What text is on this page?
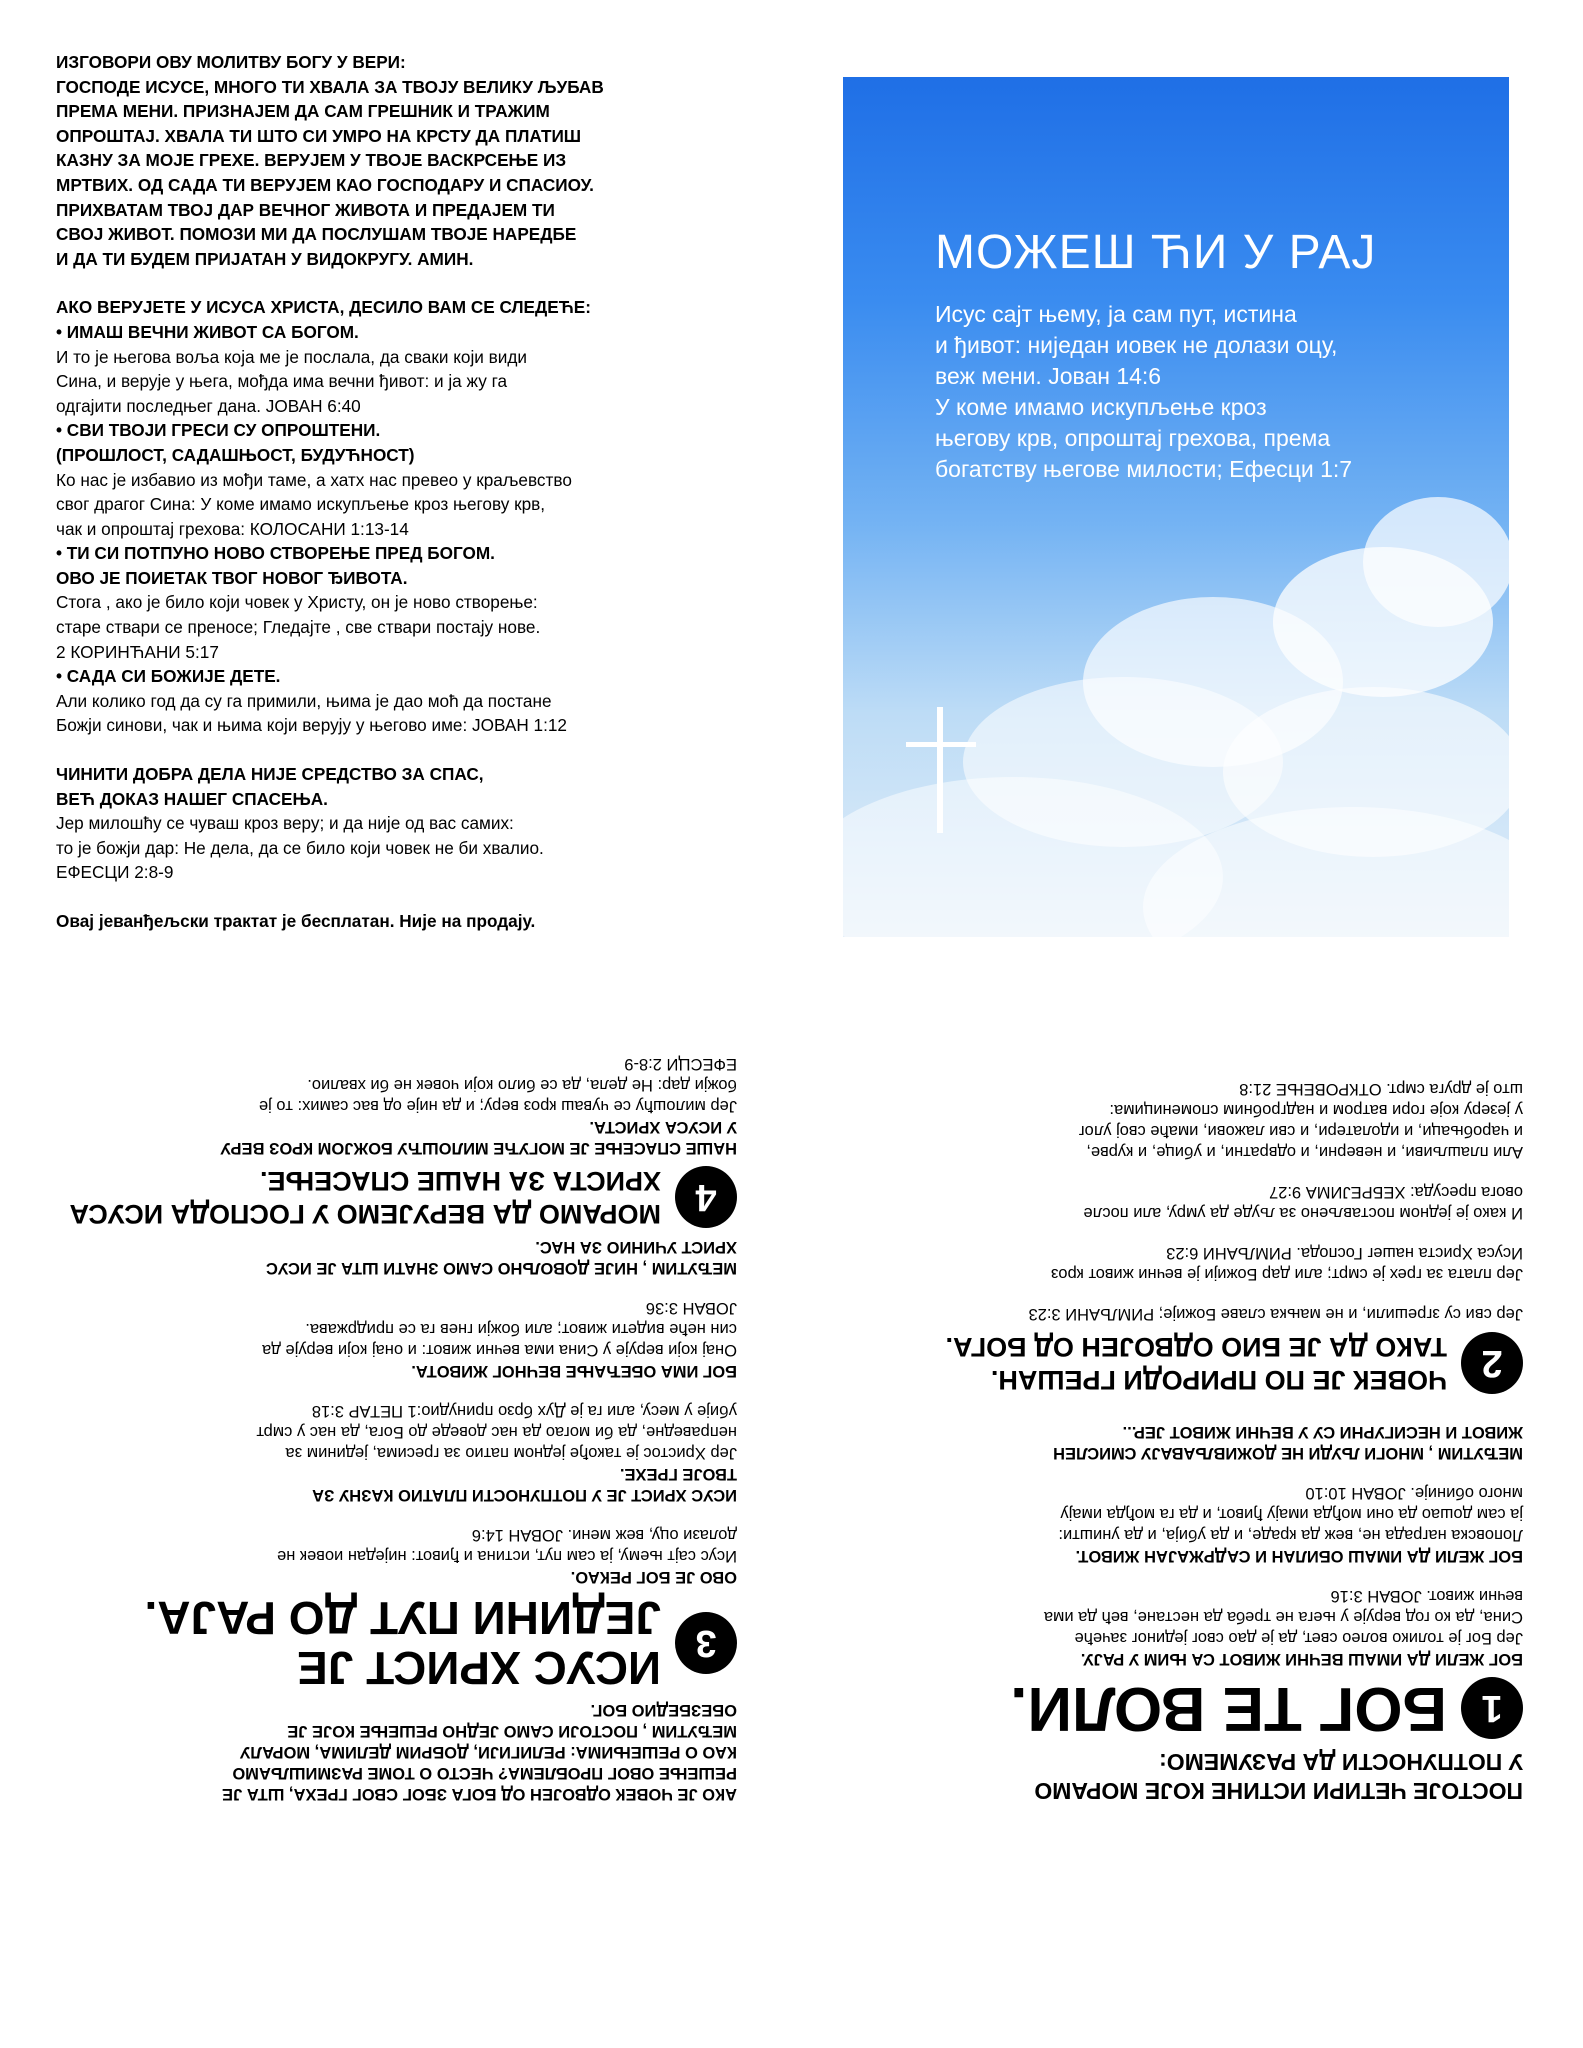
ИЗГОВОРИ ОВУ МОЛИТВУ БОГУ У ВЕРИ:

ГОСПОДЕ ИСУСЕ, МНОГО ТИ ХВАЛА ЗА ТВОЈУ ВЕЛИКУ ЉУБАВ

ПРЕМА МЕНИ. ПРИЗНАЈЕМ ДА САМ ГРЕШНИК И ТРАЖИМ

ОПРОШТАЈ. ХВАЛА ТИ ШТО СИ УМРО НА КРСТУ ДА ПЛАТИШ

КАЗНУ ЗА МОЈЕ ГРЕХЕ. ВЕРУЈЕМ У ТВОЈЕ ВАСКРСЕЊЕ ИЗ

МРТВИХ. ОД САДА ТИ ВЕРУЈЕМ КАО ГОСПОДАРУ И СПАСИОУ.

ПРИХВАТАМ ТВОЈ ДАР ВЕЧНОГ ЖИВОТА И ПРЕДАЈЕМ ТИ

СВОЈ ЖИВОТ. ПОМОЗИ МИ ДА ПОСЛУШАМ ТВОЈЕ НАРЕДБЕ

И ДА ТИ БУДЕМ ПРИЈАТАН У ВИДОКРУГУ. АМИН.

АКО ВЕРУЈЕТЕ У ИСУСА ХРИСТА, ДЕСИЛО ВАМ СЕ СЛЕДЕЋЕ:

• ИМАШ ВЕЧНИ ЖИВОТ СА БОГОМ.

И то је његова воља која ме је послала, да сваки који види

Сина, и верује у њега, мођда има вечни ђивот: и ја жу га

одгајити последњег дана. ЈОВАН 6:40

• СВИ ТВОЈИ ГРЕСИ СУ ОПРОШТЕНИ.

(ПРОШЛОСТ, САДАШЊОСТ, БУДУЋНОСТ)

Ко нас је избавио из мођи таме, а хатх нас превео у краљевство

свог драгог Сина: У коме имамо искупљење кроз његову крв,

чак и опроштај грехова: КОЛОСАНИ 1:13-14

• ТИ СИ ПОТПУНО НОВО СТВОРЕЊЕ ПРЕД БОГОМ.

ОВО ЈЕ ПОИЕТАК ТВОГ НОВОГ ЂИВОТА.

Стога , ако је било који човек у Христу, он је ново створење:

старе ствари се преносе; Гледајте , све ствари постају нове.

2 КОРИНЋАНИ 5:17

• САДА СИ БОЖИЈЕ ДЕТЕ.

Али колико год да су га примили, њима је дао моћ да постане

Божји синови, чак и њима који верују у његово име: ЈОВАН 1:12

ЧИНИТИ ДОБРА ДЕЛА НИЈЕ СРЕДСТВО ЗА СПАС,

ВЕЋ ДОКАЗ НАШЕГ СПАСЕЊА.

Јер милошћу се чуваш кроз веру; и да није од вас самих:

то је божји дар: Не дела, да се било који човек не би хвалио.

ЕФЕСЦИ 2:8-9

Овај јеванђељски трактат је бесплатан. Није на продају.

МОЖЕШ ЋИ У РАЈ

Исус сајт њему, ја сам пут, истина

и ђивот: ниједан иовек не долази оцу,

веж мени. Јован 14:6

У коме имамо искупљење кроз

његову крв, опроштај грехова, према

богатству његове милости; Ефесци 1:7

АКО ЈЕ ЧОВЕК ОДВОЈЕН ОД БОГА ЗБОГ СВОГ ГРЕХА, ШТА ЈЕ

РЕШЕЊЕ ОВОГ ПРОБЛЕМА? ЧЕСТО О ТОМЕ РАЗМИШЉАМО

КАО О РЕШЕЊИМА: РЕЛИГИЈИ, ДОБРИМ ДЕЛИМА, МОРАЛУ

МЕЂУТИМ , ПОСТОЈИ САМО ЈЕДНО РЕШЕЊЕ КОЈЕ ЈЕ

ОБЕЗБЕДИО БОГ.

3

ИСУС ХРИСТ ЈЕ

ЈЕДИНИ ПУТ ДО РАЈА.

ОВО ЈЕ БОГ РЕКАО.

Исус сајт њему, ја сам пут, истина и ђивот: ниједан иовек не

долази оцу, веж мени. ЈОВАН 14:6

ИСУС ХРИСТ ЈЕ У ПОТПУНОСТИ ПЛАТИО КАЗНУ ЗА

ТВОЈЕ ГРЕХЕ.

Јер Христос је такође једном патио за гресима, јединим за

неправедне, да би могао да нас доведе до Бога, да нас у смрт

убије у месу, али га је Дух брзо принудио:1 ПЕТАР 3:18

БОГ ИМА ОБЕЋАЊЕ ВЕЧНОГ ЖИВОТА.

Онај који верује у Сина има вечни живот: и онај који верује да

син неће видети живот; али божји гнев га се придржава.

ЈОВАН 3:36

МЕЂУТИМ , НИЈЕ ДОВОЉНО САМО ЗНАТИ ШТА ЈЕ ИСУС

ХРИСТ УЧИНИО ЗА НАС.

4

МОРАМО ДА ВЕРУЈЕМО У ГОСПОДА ИСУСА

ХРИСТА ЗА НАШЕ СПАСЕЊЕ.

НАШЕ СПАСЕЊЕ ЈЕ МОГУЋЕ МИЛОШЋУ БОЖЈОМ КРОЗ ВЕРУ

У ИСУСА ХРИСТА.

Јер милошћу се чуваш кроз веру; и да није од вас самих: то је

божји дар: Не дела, да се било који човек не би хвалио.

ЕФЕСЦИ 2:8-9

ПОСТОЈЕ ЧЕТИРИ ИСТИНЕ КОЈЕ МОРАМО

У ПОТПУНОСТИ ДА РАЗУМЕМО:

1
БОГ ТЕ ВОЛИ.

БОГ ЖЕЛИ ДА ИМАШ ВЕЧНИ ЖИВОТ СА ЊИМ У РАЈУ.

Јер Бог је толико волео свет, да је дао свог јединог зачеће

Сина, да ко год верује у њега не треба да нестане, већ да има

вечни живот. ЈОВАН 3:16

БОГ ЖЕЛИ ДА ИМАШ ОБИЛАН И САДРЖАЈАН ЖИВОТ.

Лоповска награда не, веж да краде, и да убија, и да уништи:

ја сам дошао да они мођда имају ђивот, и да га мођда имају

много обиније. ЈОВАН 10:10

МЕЂУТИМ , МНОГИ ЉУДИ НЕ ДОЖИВЉАВАЈУ СМИСЛЕН

ЖИВОТ И НЕСИГУРНИ СУ У ВЕЧНИ ЖИВОТ ЈЕР...

2

ЧОВЕК ЈЕ ПО ПРИРОДИ ГРЕШАН.

ТАКО ДА ЈЕ БИО ОДВОЈЕН ОД БОГА.

Јер сви су згрешили, и не мањка славе Божије; РИМЉАНИ 3:23

Јер плата за грех је смрт; али дар Божији је вечни живот кроз

Исуса Христа нашег Господа. РИМЉАНИ 6:23

И како је једном постављено за људе да умру, али после

овога пресуда: ХЕБРЕЈИМА 9:27

Али плашљиви, и неверни, и одвратни, и убице, и курве,

и чаробњаци, и идолатери, и сви лажови, имаће свој улог

у језеру које гори ватром и надгробним споменицима:

што је друга смрт. ОТКРОВЕЊЕ 21:8
